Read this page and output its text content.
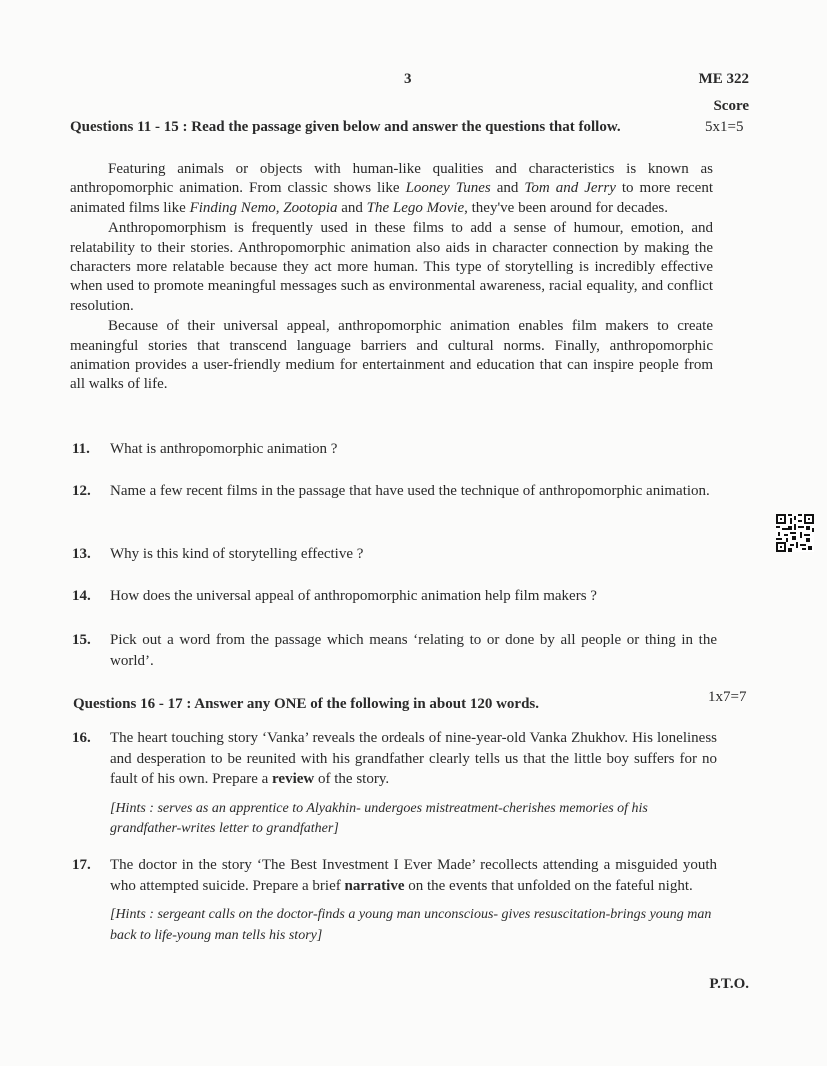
3	ME 322
Score
Questions 11 - 15 : Read the passage given below and answer the questions that follow.	5x1=5

Featuring animals or objects with human-like qualities and characteristics is known as anthropomorphic animation. From classic shows like Looney Tunes and Tom and Jerry to more recent animated films like Finding Nemo, Zootopia and The Lego Movie, they've been around for decades.

Anthropomorphism is frequently used in these films to add a sense of humour, emotion, and relatability to their stories. Anthropomorphic animation also aids in character connection by making the characters more relatable because they act more human. This type of storytelling is incredibly effective when used to promote meaningful messages such as environmental awareness, racial equality, and conflict resolution.

Because of their universal appeal, anthropomorphic animation enables film makers to create meaningful stories that transcend language barriers and cultural norms. Finally, anthropomorphic animation provides a user-friendly medium for entertainment and education that can inspire people from all walks of life.

11.	What is anthropomorphic animation ?
12.	Name a few recent films in the passage that have used the technique of anthropomorphic animation.
13.	Why is this kind of storytelling effective ?
14.	How does the universal appeal of anthropomorphic animation help film makers ?
15.	Pick out a word from the passage which means ‘relating to or done by all people or thing in the world’.
Questions 16 - 17 : Answer any ONE of the following in about 120 words.	1x7=7
16.	The heart touching story ‘Vanka’ reveals the ordeals of nine-year-old Vanka Zhukhov. His loneliness and desperation to be reunited with his grandfather clearly tells us that the little boy suffers for no fault of his own. Prepare a review of the story.
[Hints : serves as an apprentice to Alyakhin- undergoes mistreatment-cherishes memories of his grandfather-writes letter to grandfather]
17.	The doctor in the story ‘The Best Investment I Ever Made’ recollects attending a misguided youth who attempted suicide. Prepare a brief narrative on the events that unfolded on the fateful night.
[Hints : sergeant calls on the doctor-finds a young man unconscious- gives resuscitation-brings young man back to life-young man tells his story]
P.T.O.
